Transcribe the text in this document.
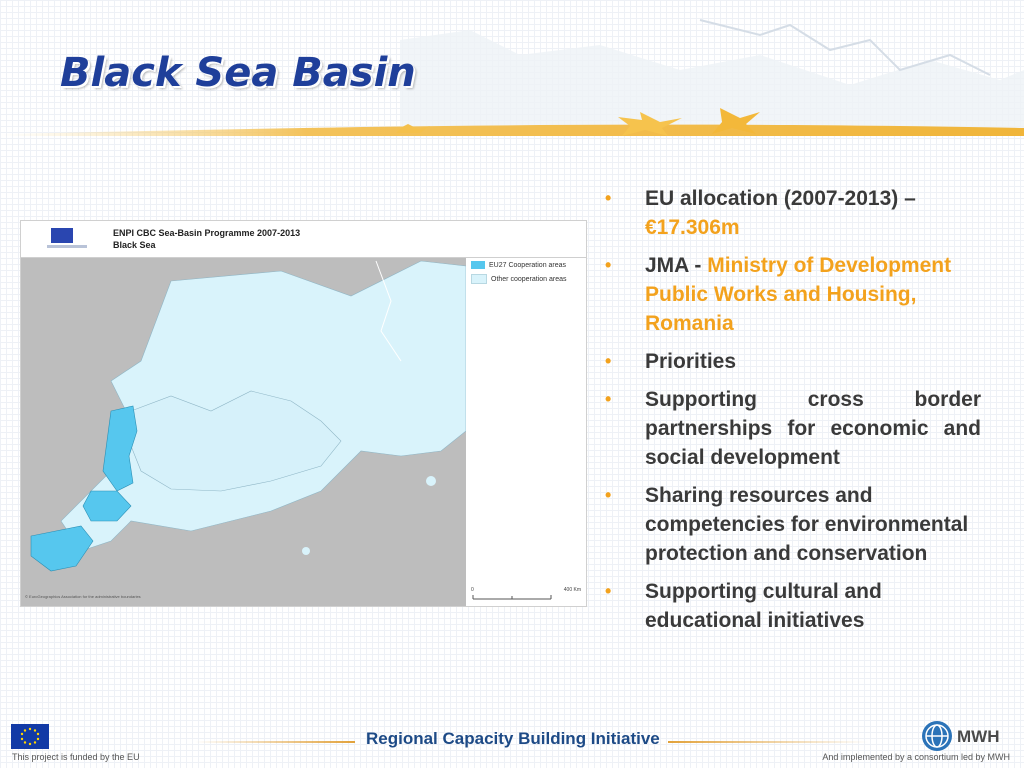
Black Sea Basin
ENPI CBC Sea-Basin Programme 2007-2013
Black Sea
EU27 Cooperation areas
Other cooperation areas
0	400 Km
© EuroGeographics Association for the administrative boundaries
• EU allocation (2007-2013) – €17.306m
• JMA - Ministry of Development Public Works and Housing, Romania
• Priorities
• Supporting cross border partnerships for economic and social development
• Sharing resources and competencies for environmental protection and conservation
• Supporting cultural and educational initiatives
This project is funded by the EU
Regional Capacity Building Initiative	MWH
And implemented by a consortium led by MWH
